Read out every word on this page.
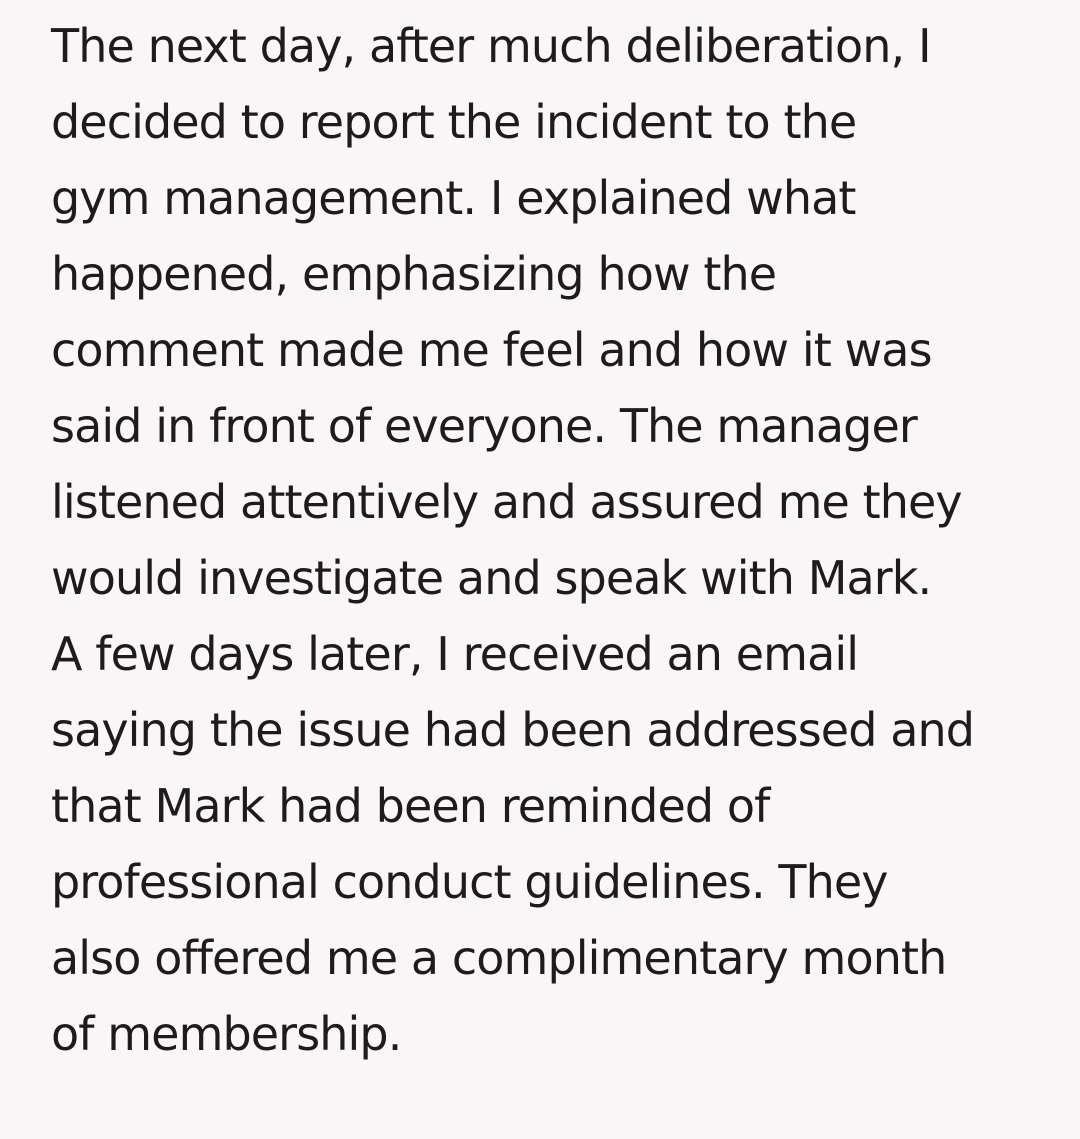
The next day, after much deliberation, I
decided to report the incident to the
gym management. I explained what
happened, emphasizing how the
comment made me feel and how it was
said in front of everyone. The manager
listened attentively and assured me they
would investigate and speak with Mark.
A few days later, I received an email
saying the issue had been addressed and
that Mark had been reminded of
professional conduct guidelines. They
also offered me a complimentary month
of membership.
